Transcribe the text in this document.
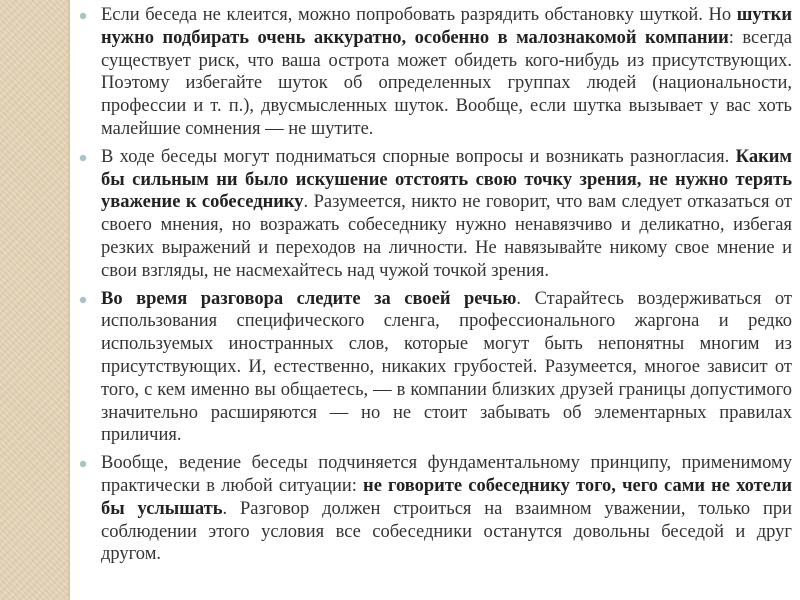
Если беседа не клеится, можно попробовать разрядить обстановку шуткой. Но шутки нужно подбирать очень аккуратно, особенно в малознакомой компании: всегда существует риск, что ваша острота может обидеть кого-нибудь из присутствующих. Поэтому избегайте шуток об определенных группах людей (национальности, профессии и т. п.), двусмысленных шуток. Вообще, если шутка вызывает у вас хоть малейшие сомнения — не шутите.
В ходе беседы могут подниматься спорные вопросы и возникать разногласия. Каким бы сильным ни было искушение отстоять свою точку зрения, не нужно терять уважение к собеседнику. Разумеется, никто не говорит, что вам следует отказаться от своего мнения, но возражать собеседнику нужно ненавязчиво и деликатно, избегая резких выражений и переходов на личности. Не навязывайте никому свое мнение и свои взгляды, не насмехайтесь над чужой точкой зрения.
Во время разговора следите за своей речью. Старайтесь воздерживаться от использования специфического сленга, профессионального жаргона и редко используемых иностранных слов, которые могут быть непонятны многим из присутствующих. И, естественно, никаких грубостей. Разумеется, многое зависит от того, с кем именно вы общаетесь, — в компании близких друзей границы допустимого значительно расширяются — но не стоит забывать об элементарных правилах приличия.
Вообще, ведение беседы подчиняется фундаментальному принципу, применимому практически в любой ситуации: не говорите собеседнику того, чего сами не хотели бы услышать. Разговор должен строиться на взаимном уважении, только при соблюдении этого условия все собеседники останутся довольны беседой и друг другом.
